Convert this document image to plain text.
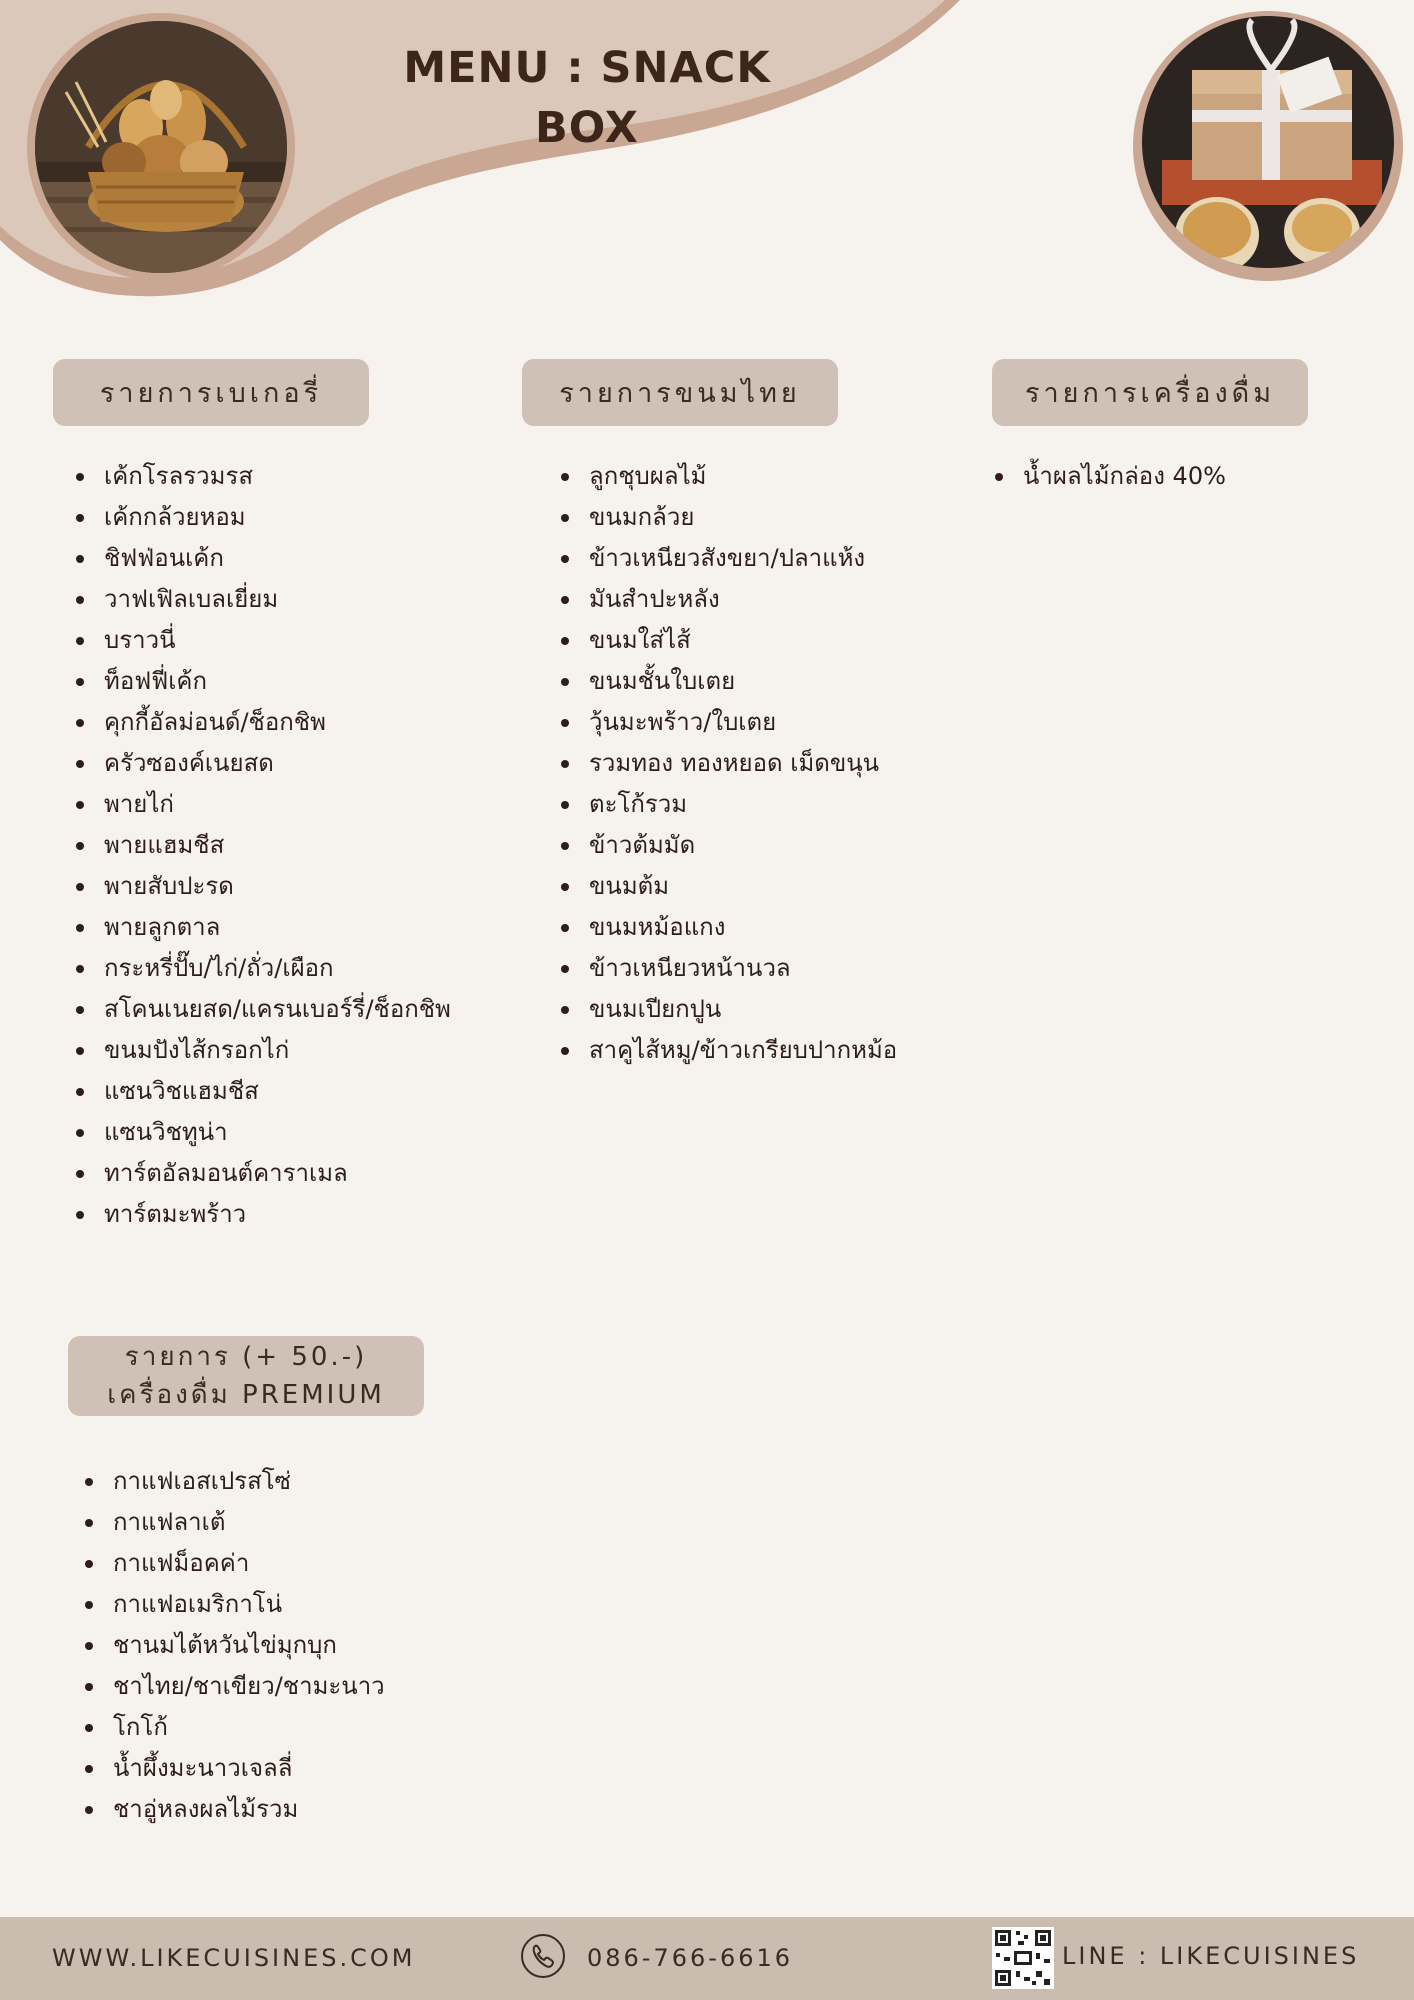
MENU : SNACK BOX
รายการเบเกอรี่	รายการขนมไทย	รายการเครื่องดื่ม
รายการ (+ 50.-)
เครื่องดื่ม PREMIUM
เค้กโรลรวมรส
เค้กกล้วยหอม
ชิฟฟ่อนเค้ก
วาฟเฟิลเบลเยี่ยม
บราวนี่
ท็อฟฟี่เค้ก
คุกกี้อัลม่อนด์/ช็อกชิพ
ครัวซองค์เนยสด
พายไก่
พายแฮมชีส
พายสับปะรด
พายลูกตาล
กระหรี่ปั๊บ/ไก่/ถั่ว/เผือก
สโคนเนยสด/แครนเบอร์รี่/ช็อกชิพ
ขนมปังไส้กรอกไก่
แซนวิชแฮมชีส
แซนวิชทูน่า
ทาร์ตอัลมอนต์คาราเมล
ทาร์ตมะพร้าว
ลูกชุบผลไม้
ขนมกล้วย
ข้าวเหนียวสังขยา/ปลาแห้ง
มันสำปะหลัง
ขนมใส่ไส้
ขนมชั้นใบเตย
วุ้นมะพร้าว/ใบเตย
รวมทอง ทองหยอด เม็ดขนุน
ตะโก้รวม
ข้าวต้มมัด
ขนมต้ม
ขนมหม้อแกง
ข้าวเหนียวหน้านวล
ขนมเปียกปูน
สาคูไส้หมู/ข้าวเกรียบปากหม้อ
น้ำผลไม้กล่อง 40%
กาแฟเอสเปรสโซ่
กาแฟลาเต้
กาแฟม็อคค่า
กาแฟอเมริกาโน่
ชานมไต้หวันไข่มุกบุก
ชาไทย/ชาเขียว/ชามะนาว
โกโก้
น้ำผึ้งมะนาวเจลลี่
ชาอู่หลงผลไม้รวม
WWW.LIKECUISINES.COM	086-766-6616	LINE : LIKECUISINES
